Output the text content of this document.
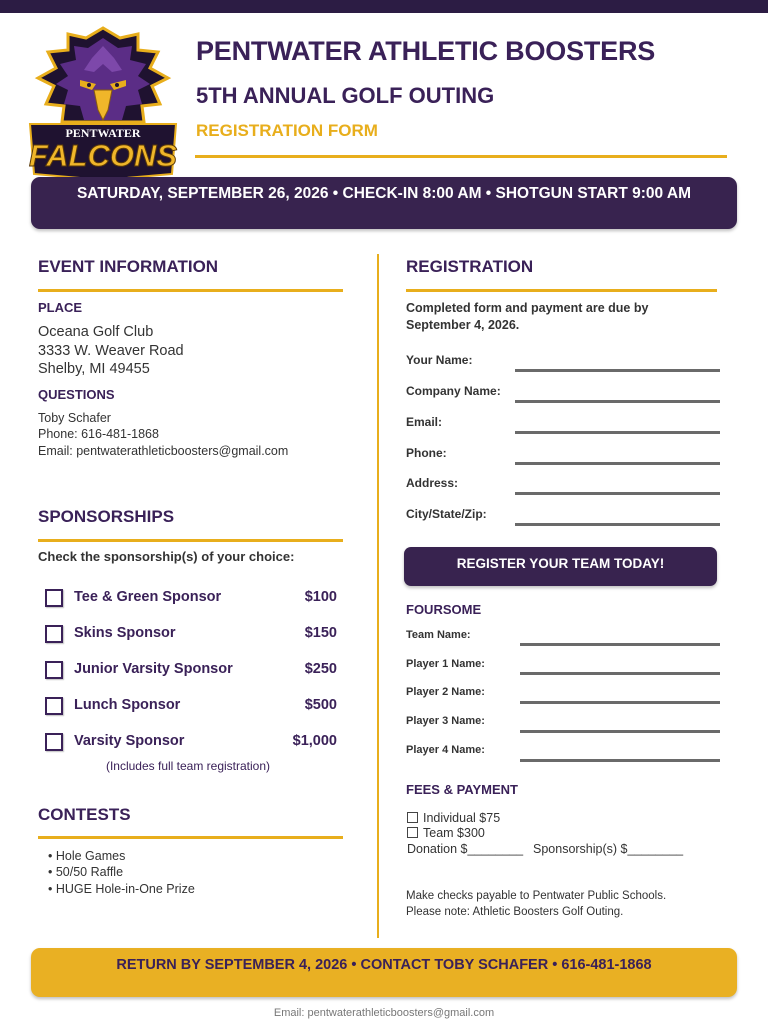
PENTWATER
FALCONS
PENTWATER ATHLETIC BOOSTERS
5TH ANNUAL GOLF OUTING
REGISTRATION FORM
SATURDAY, SEPTEMBER 26, 2026 • CHECK-IN 8:00 AM • SHOTGUN START 9:00 AM
EVENT INFORMATION
PLACE
Oceana Golf Club
3333 W. Weaver Road
Shelby, MI 49455
QUESTIONS
Toby Schafer
Phone: 616-481-1868
Email: pentwaterathleticboosters@gmail.com
SPONSORSHIPS
Check the sponsorship(s) of your choice:
Tee & Green Sponsor	$100
Skins Sponsor	$150
Junior Varsity Sponsor	$250
Lunch Sponsor	$500
Varsity Sponsor	$1,000
(Includes full team registration)
CONTESTS
• Hole Games
• 50/50 Raffle
• HUGE Hole-in-One Prize
REGISTRATION
Completed form and payment are due by September 4, 2026.
Your Name:
Company Name:
Email:
Phone:
Address:
City/State/Zip:
REGISTER YOUR TEAM TODAY!
FOURSOME
Team Name:
Player 1 Name:
Player 2 Name:
Player 3 Name:
Player 4 Name:
FEES & PAYMENT
Individual $75
Team $300
Donation $________ Sponsorship(s) $________
Make checks payable to Pentwater Public Schools.
Please note: Athletic Boosters Golf Outing.
RETURN BY SEPTEMBER 4, 2026 • CONTACT TOBY SCHAFER • 616-481-1868
Email: pentwaterathleticboosters@gmail.com
